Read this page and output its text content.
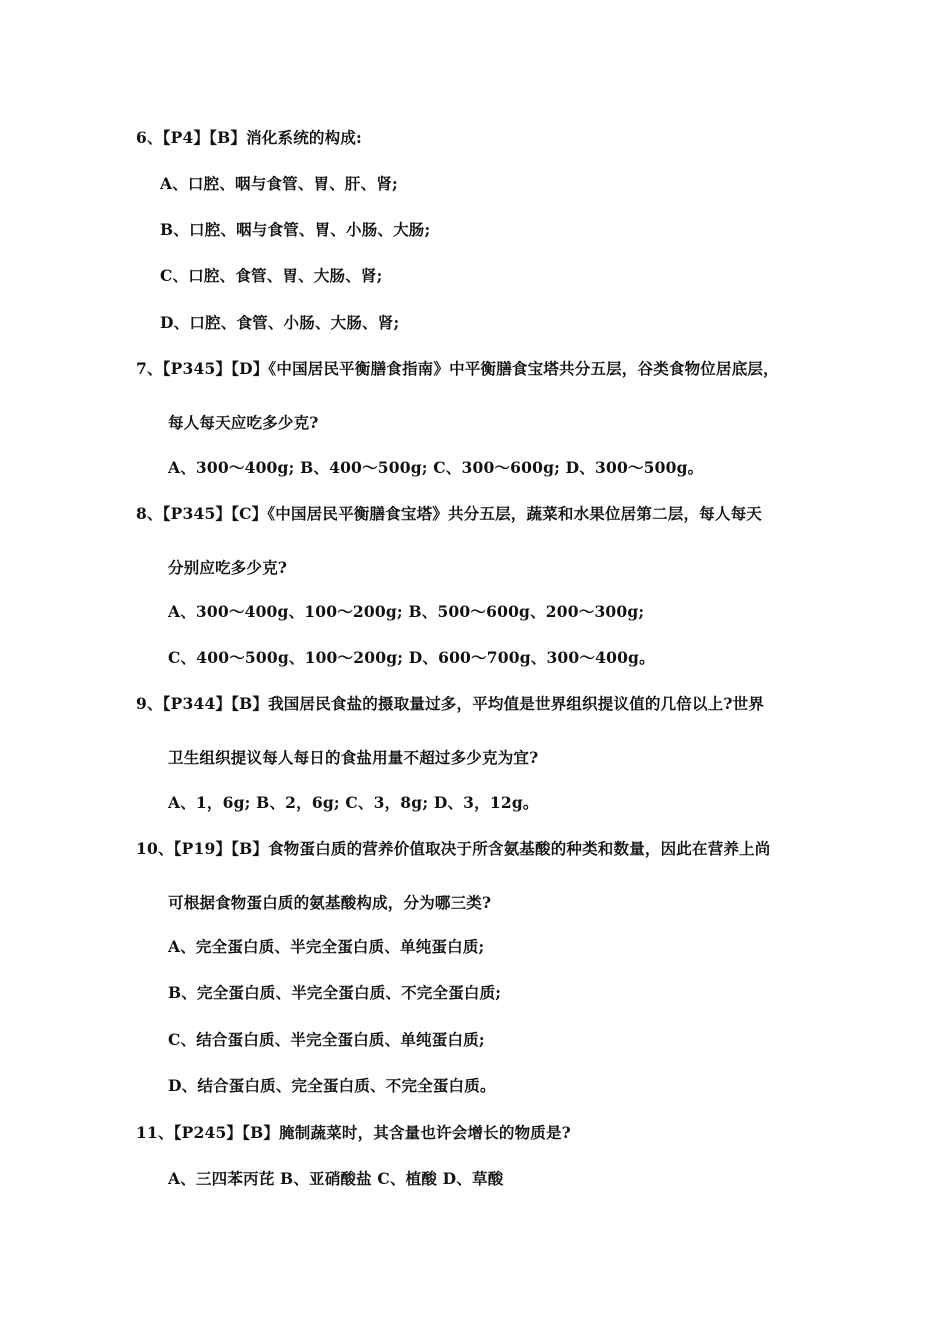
6、【P4】【B】消化系统的构成:
A、口腔、咽与食管、胃、肝、肾;
B、口腔、咽与食管、胃、小肠、大肠;
C、口腔、食管、胃、大肠、肾;
D、口腔、食管、小肠、大肠、肾;
7、【P345】【D】《中国居民平衡膳食指南》中平衡膳食宝塔共分五层，谷类食物位居底层，
每人每天应吃多少克?
A、300～400g; B、400～500g; C、300～600g; D、300～500g。
8、【P345】【C】《中国居民平衡膳食宝塔》共分五层，蔬菜和水果位居第二层，每人每天
分别应吃多少克?
A、300～400g、100～200g; B、500～600g、200～300g;
C、400～500g、100～200g; D、600～700g、300～400g。
9、【P344】【B】我国居民食盐的摄取量过多，平均值是世界组织提议值的几倍以上?世界
卫生组织提议每人每日的食盐用量不超过多少克为宜?
A、1，6g; B、2，6g; C、3，8g; D、3，12g。
10、【P19】【B】食物蛋白质的营养价值取决于所含氨基酸的种类和数量，因此在营养上尚
可根据食物蛋白质的氨基酸构成，分为哪三类?
A、完全蛋白质、半完全蛋白质、单纯蛋白质;
B、完全蛋白质、半完全蛋白质、不完全蛋白质;
C、结合蛋白质、半完全蛋白质、单纯蛋白质;
D、结合蛋白质、完全蛋白质、不完全蛋白质。
11、【P245】【B】腌制蔬菜时，其含量也许会增长的物质是?
A、三四苯丙芘 B、亚硝酸盐 C、植酸 D、草酸
